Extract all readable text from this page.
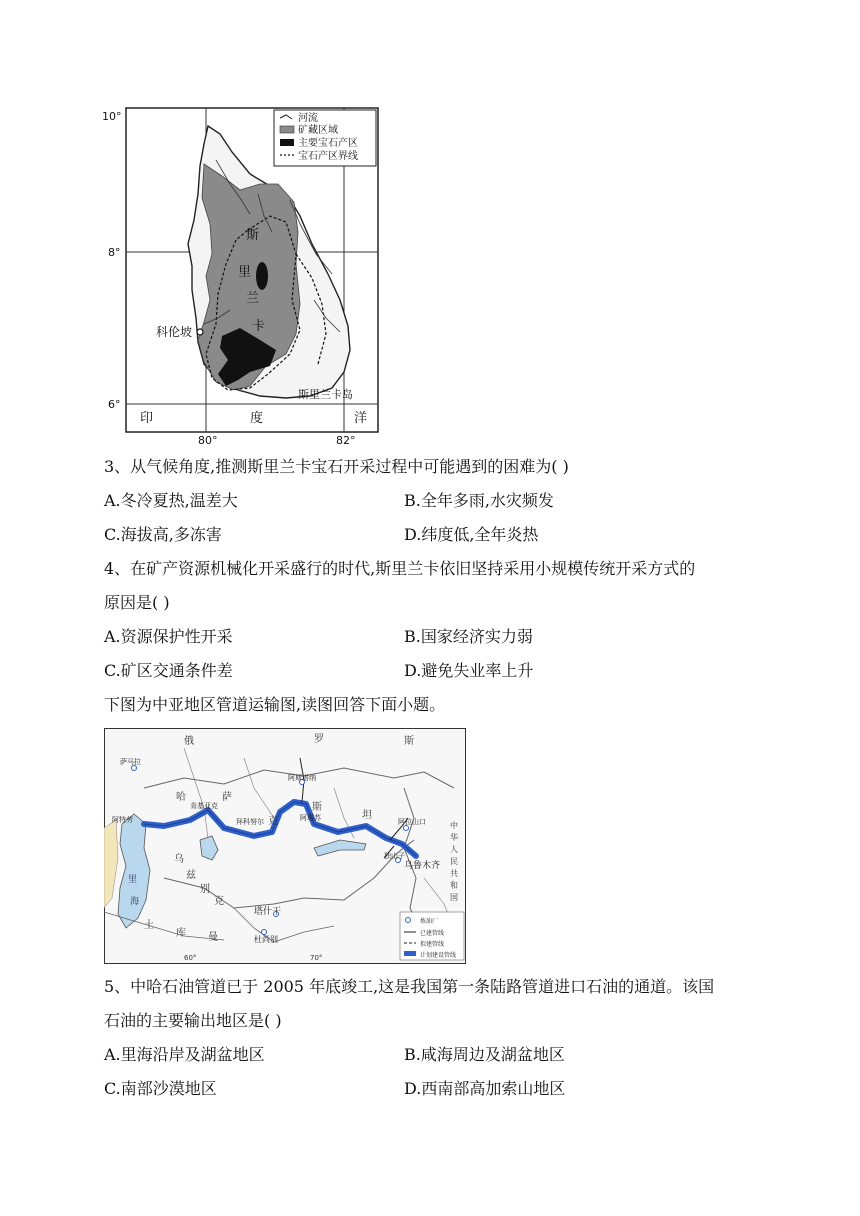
河流
矿藏区域
主要宝石产区
宝石产区界线
10°
8°
6°
80°	82°
斯
里
兰
卡
科伦坡
斯里兰卡岛
印	度	洋
3、从气候角度,推测斯里兰卡宝石开采过程中可能遇到的困难为( )
A.冬冷夏热,温差大	B.全年多雨,水灾频发
C.海拔高,多冻害	D.纬度低,全年炎热
4、在矿产资源机械化开采盛行的时代,斯里兰卡依旧坚持采用小规模传统开采方式的
原因是( )
A.资源保护性开采	B.国家经济实力弱
C.矿区交通条件差	D.避免失业率上升
下图为中亚地区管道运输图,读图回答下面小题。
俄	罗	斯
萨马拉
阿特劳
肯基亚克
拜科努尔	阿塔苏	阿拉山口
独山子
乌鲁木齐
塔什干
杜尚别
阿斯塔纳
哈	萨
克
斯
坦
乌
兹
别
克
土
库 曼
中
华
人
民
共
和
国
里
海
炼油厂
已建管线
拟建管线
计划建设管线
60°	70°
5、中哈石油管道已于 2005 年底竣工,这是我国第一条陆路管道进口石油的通道。该国
石油的主要输出地区是( )
A.里海沿岸及湖盆地区	B.咸海周边及湖盆地区
C.南部沙漠地区	D.西南部高加索山地区
